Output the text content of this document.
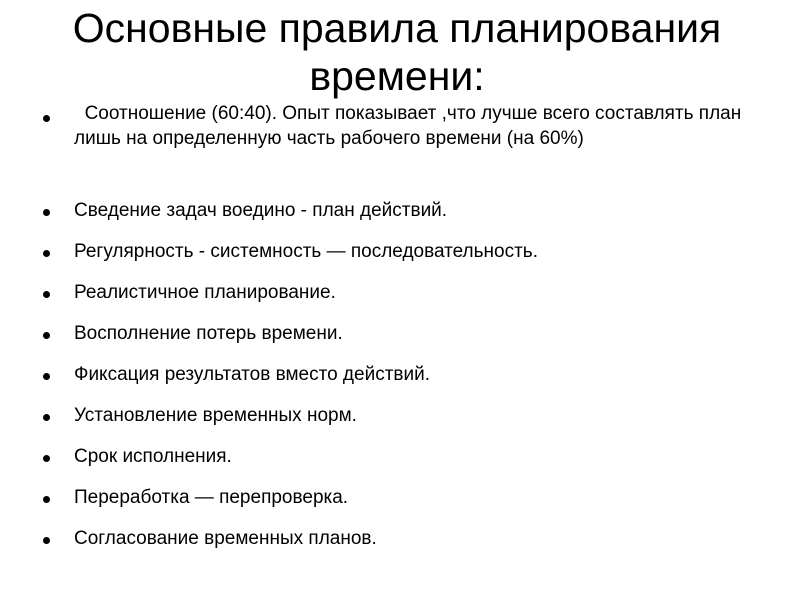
Основные правила планирования
времени:
Соотношение (60:40). Опыт показывает ,что лучше всего составлять план лишь на определенную часть рабочего времени (на 60%)
Сведение задач воедино - план действий.
Регулярность - системность — последовательность.
Реалистичное планирование.
Восполнение потерь времени.
Фиксация результатов вместо действий.
Установление временных норм.
Срок исполнения.
Переработка — перепроверка.
Согласование временных планов.
